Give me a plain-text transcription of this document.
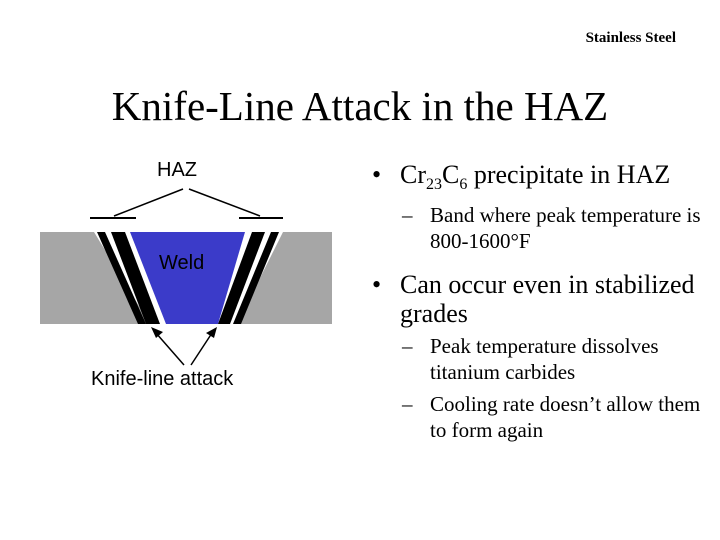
Stainless Steel
Knife-Line Attack in the HAZ
HAZ
Weld
Knife-line attack
• $Cr_{23}C_6$ precipitate in HAZ
– Band where peak temperature is 800-1600°F
• Can occur even in stabilized grades
– Peak temperature dissolves titanium carbides
– Cooling rate doesn’t allow them to form again
